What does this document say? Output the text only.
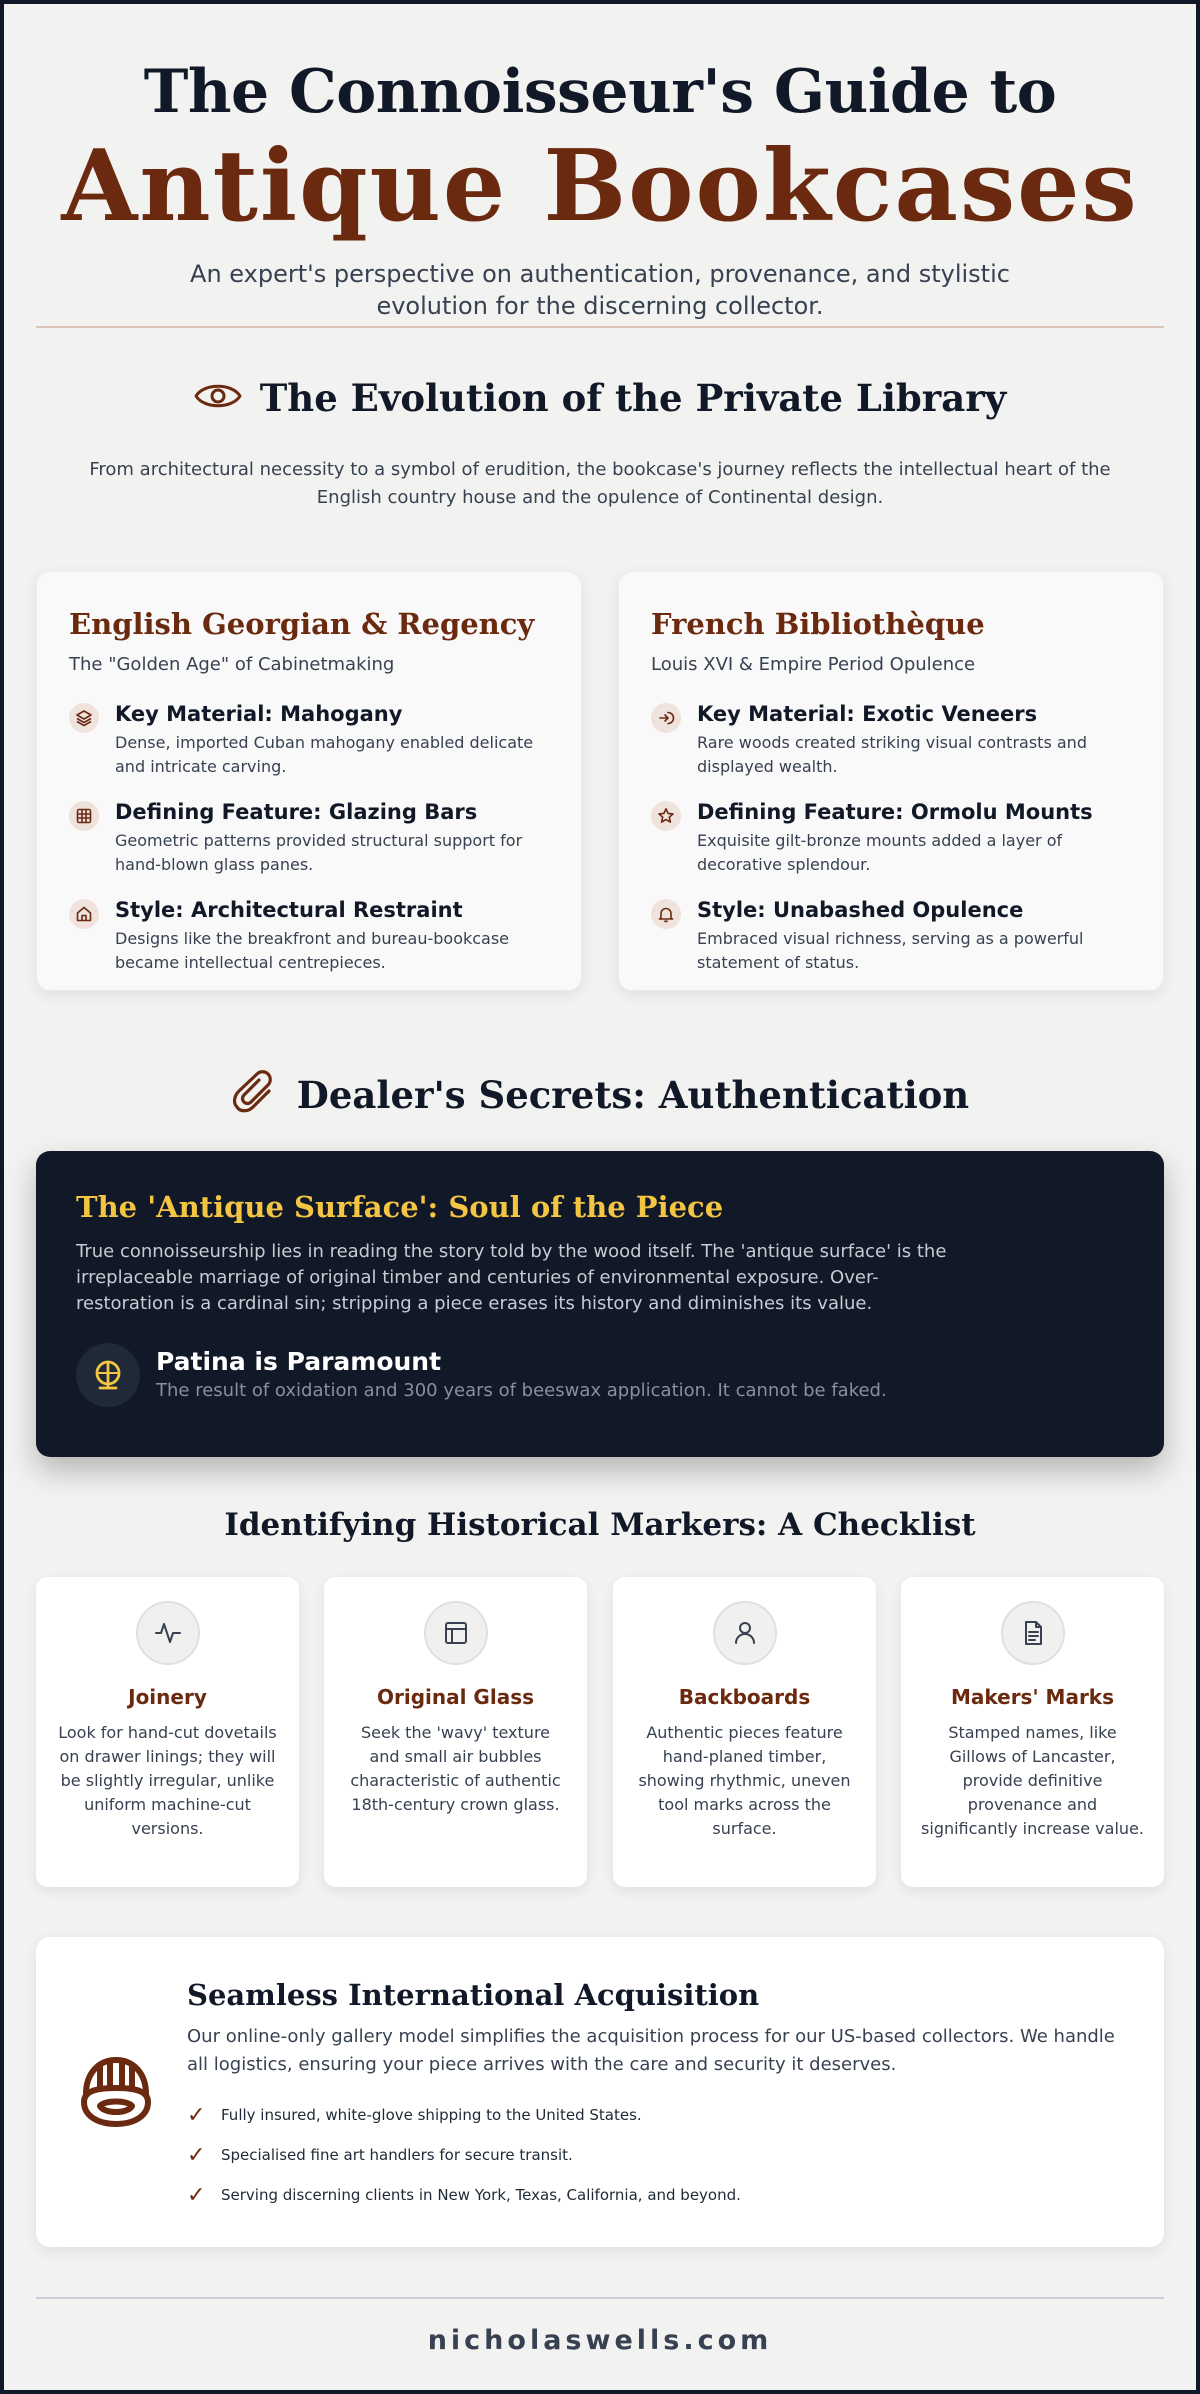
The Connoisseur's Guide to
Antique Bookcases
An expert's perspective on authentication, provenance, and stylistic evolution for the discerning collector.
The Evolution of the Private Library

From architectural necessity to a symbol of erudition, the bookcase's journey reflects the intellectual heart of the English country house and the opulence of Continental design.

English Georgian & Regency
The "Golden Age" of Cabinetmaking
Key Material: Mahogany
Dense, imported Cuban mahogany enabled delicate and intricate carving.
Defining Feature: Glazing Bars
Geometric patterns provided structural support for hand-blown glass panes.
Style: Architectural Restraint
Designs like the breakfront and bureau-bookcase became intellectual centrepieces.
French Bibliothèque
Louis XVI & Empire Period Opulence
Key Material: Exotic Veneers
Rare woods created striking visual contrasts and displayed wealth.
Defining Feature: Ormolu Mounts
Exquisite gilt-bronze mounts added a layer of decorative splendour.
Style: Unabashed Opulence
Embraced visual richness, serving as a powerful statement of status.
Dealer's Secrets: Authentication
The 'Antique Surface': Soul of the Piece

True connoisseurship lies in reading the story told by the wood itself. The 'antique surface' is the irreplaceable marriage of original timber and centuries of environmental exposure. Over-restoration is a cardinal sin; stripping a piece erases its history and diminishes its value.

Patina is Paramount
The result of oxidation and 300 years of beeswax application. It cannot be faked.
Identifying Historical Markers: A Checklist
Joinery

Look for hand-cut dovetails on drawer linings; they will be slightly irregular, unlike uniform machine-cut versions.

Original Glass

Seek the 'wavy' texture and small air bubbles characteristic of authentic 18th-century crown glass.

Backboards

Authentic pieces feature hand-planed timber, showing rhythmic, uneven tool marks across the surface.

Makers' Marks

Stamped names, like Gillows of Lancaster, provide definitive provenance and significantly increase value.

Seamless International Acquisition

Our online-only gallery model simplifies the acquisition process for our US-based collectors. We handle all logistics, ensuring your piece arrives with the care and security it deserves.

✓ Fully insured, white-glove shipping to the United States.
✓ Specialised fine art handlers for secure transit.
✓ Serving discerning clients in New York, Texas, California, and beyond.
nicholaswells.com
